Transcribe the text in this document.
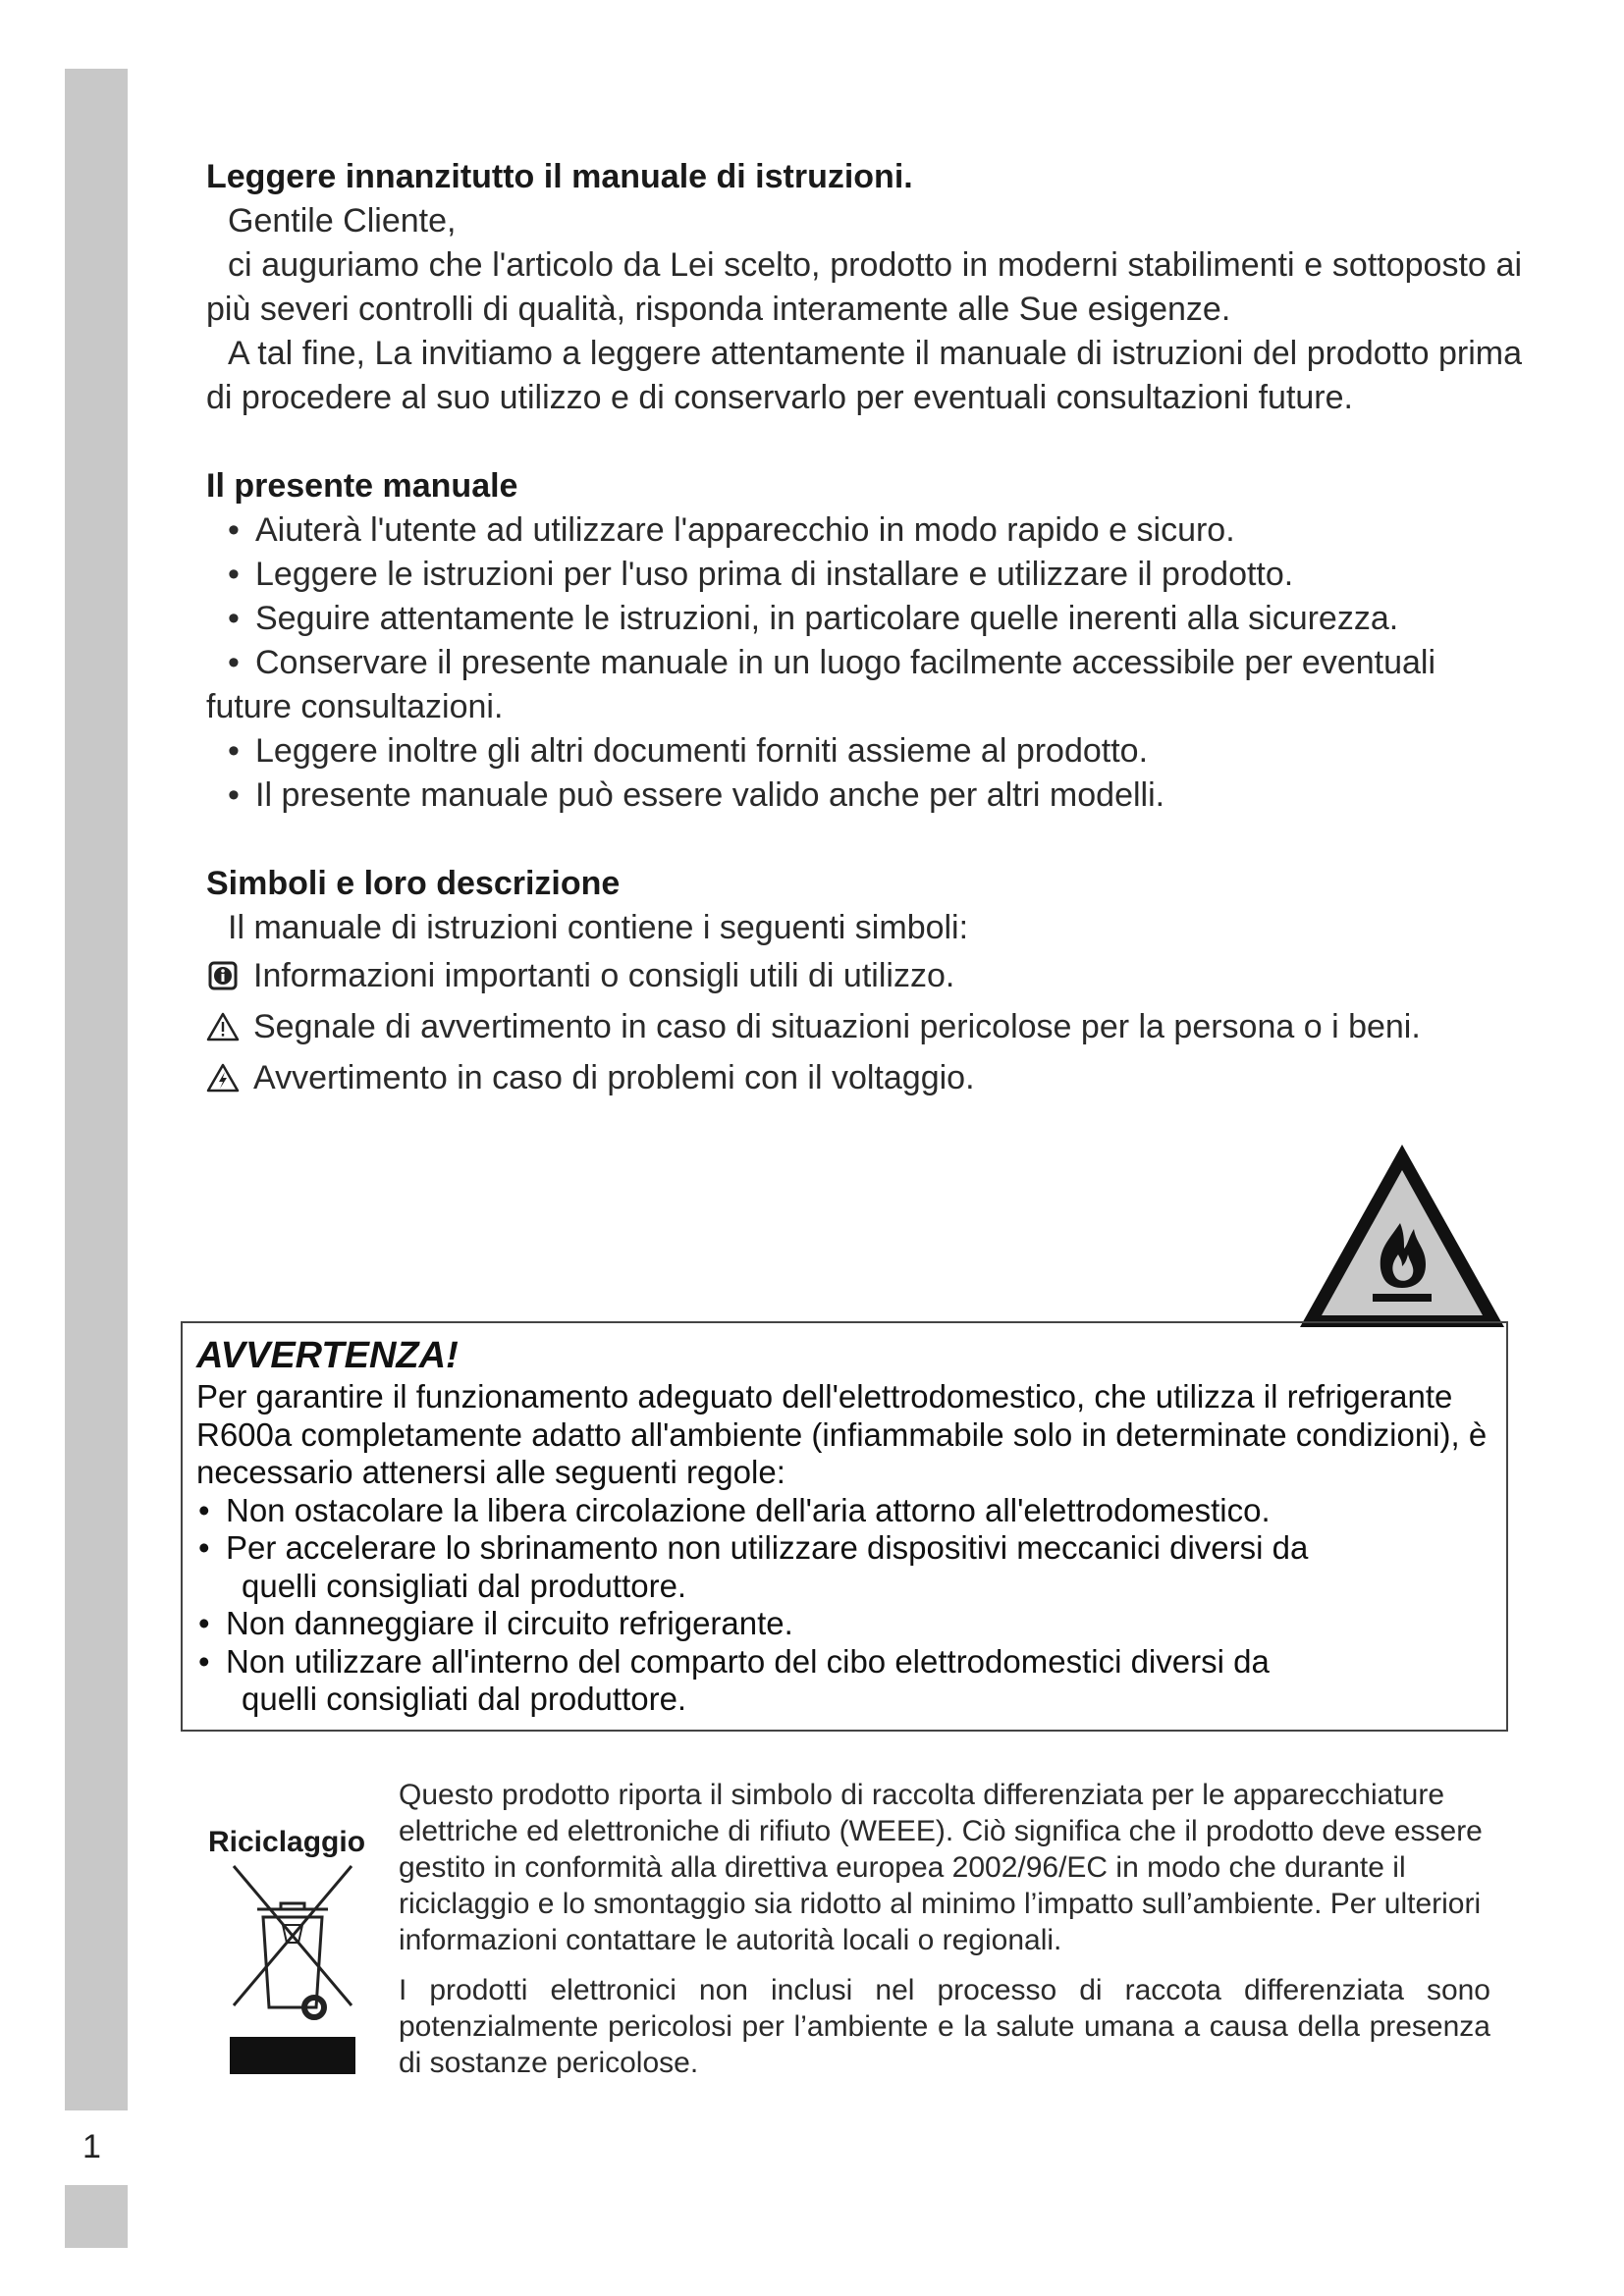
1
Leggere innanzitutto il manuale di istruzioni.

Gentile Cliente,

ci auguriamo che l'articolo da Lei scelto, prodotto in moderni stabilimenti e sottoposto ai più severi controlli di qualità, risponda interamente alle Sue esigenze.

A tal fine, La invitiamo a leggere attentamente il manuale di istruzioni del prodotto prima di procedere al suo utilizzo e di conservarlo per eventuali consultazioni future.

Il presente manuale

• Aiuterà l'utente ad utilizzare l'apparecchio in modo rapido e sicuro.

• Leggere le istruzioni per l'uso prima di installare e utilizzare il prodotto.

• Seguire attentamente le istruzioni, in particolare quelle inerenti alla sicurezza.

• Conservare il presente manuale in un luogo facilmente accessibile per eventuali future consultazioni.

• Leggere inoltre gli altri documenti forniti assieme al prodotto.

• Il presente manuale può essere valido anche per altri modelli.

Simboli e loro descrizione

Il manuale di istruzioni contiene i seguenti simboli:

Informazioni importanti o consigli utili di utilizzo.
Segnale di avvertimento in caso di situazioni pericolose per la persona o i beni.
Avvertimento in caso di problemi con il voltaggio.
AVVERTENZA!

Per garantire il funzionamento adeguato dell'elettrodomestico, che utilizza il refrigerante R600a completamente adatto all'ambiente (infiammabile solo in determinate condizioni), è necessario attenersi alle seguenti regole:

• Non ostacolare la libera circolazione dell'aria attorno all'elettrodomestico.

• Per accelerare lo sbrinamento non utilizzare dispositivi meccanici diversi da

quelli consigliati dal produttore.

• Non danneggiare il circuito refrigerante.

• Non utilizzare all'interno del comparto del cibo elettrodomestici diversi da

quelli consigliati dal produttore.

Riciclaggio

Questo prodotto riporta il simbolo di raccolta differenziata per le apparecchiature elettriche ed elettroniche di rifiuto (WEEE). Ciò significa che il prodotto deve essere gestito in conformità alla direttiva europea 2002/96/EC in modo che durante il riciclaggio e lo smontaggio sia ridotto al minimo l’impatto sull’ambiente. Per ulteriori informazioni contattare le autorità locali o regionali.

I prodotti elettronici non inclusi nel processo di raccota differenziata sono potenzialmente pericolosi per l’ambiente e la salute umana a causa della presenza di sostanze pericolose.
